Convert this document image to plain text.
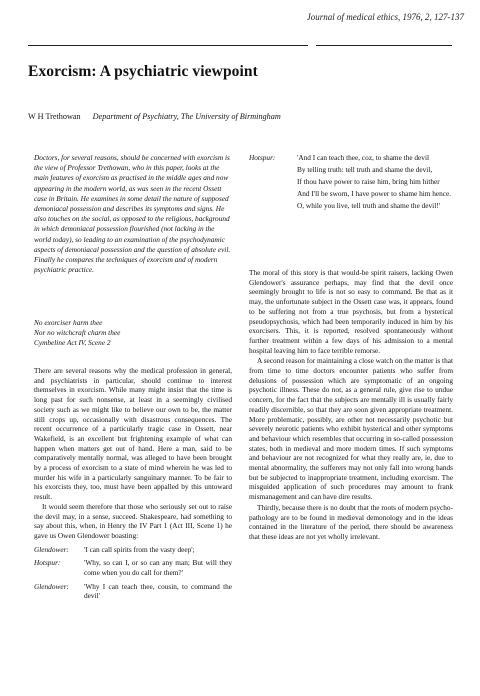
Journal of medical ethics, 1976, 2, 127-137
Exorcism: A psychiatric viewpoint
W H Trethowan Department of Psychiatry, The University of Birmingham
Doctors, for several reasons, should be concerned with exorcism is the view of Professor Trethowan, who in this paper, looks at the main features of exorcism as practised in the middle ages and now appearing in the modern world, as was seen in the recent Ossett case in Britain. He examines in some detail the nature of supposed demoniacal possession and describes its symptoms and signs. He also touches on the social, as opposed to the religious, background in which demoniacal possession flourished (not lacking in the world today), so leading to an examination of the psychodynamic aspects of demoniacal possession and the question of absolute evil. Finally he compares the techniques of exorcism and of modern psychiatric practice.
No exorciser harm thee
Nor no witchcraft charm thee
Cymbeline Act IV, Scene 2

There are several reasons why the medical profession in general, and psychiatrists in particular, should continue to interest themselves in exorcism. While many might insist that the time is long past for such nonsense, at least in a seemingly civilised society such as we might like to believe our own to be, the matter still crops up, occasionally with disastrous consequences. The recent occurrence of a particularly tragic case in Ossett, near Wakefield, is an excellent but frightening example of what can happen when matters get out of hand. Here a man, said to be comparatively mentally normal, was alleged to have been brought by a process of exorcism to a state of mind wherein he was led to murder his wife in a particularly sanguinary manner. To be fair to his exorcists they, too, must have been appalled by this untoward result.

It would seem therefore that those who seriously set out to raise the devil may, in a sense, succeed. Shakespeare, had something to say about this, when, in Henry the IV Part 1 (Act III, Scene 1) he gave us Owen Glendower boasting:

Glendower:	'I can call spirits from the vasty deep';
Hotspur:	'Why, so can I, or so can any man; But will they come when you do call for them?'
Glendower:	'Why I can teach thee, cousin, to command the devil'
Hotspur:	'And I can teach thee, coz, to shame the devil
By telling truth: tell truth and shame the devil,
If thou have power to raise him, bring him hither
And I'll be sworn, I have power to shame him hence.
O, while you live, tell truth and shame the devil!'

The moral of this story is that would-be spirit raisers, lacking Owen Glendower's assurance perhaps, may find that the devil once seemingly brought to life is not so easy to command. Be that as it may, the unfortunate subject in the Ossett case was, it appears, found to be suffering not from a true psychosis, but from a hysterical pseudopsychosis, which had been temporarily induced in him by his exorcisers. This, it is reported, resolved spontaneously without further treatment within a few days of his admission to a mental hospital leaving him to face terrible remorse.

A second reason for maintaining a close watch on the matter is that from time to time doctors encounter patients who suffer from delusions of possession which are symptomatic of an ongoing psychotic illness. These do not, as a general rule, give rise to undue concern, for the fact that the subjects are mentally ill is usually fairly readily discernible, so that they are soon given appropriate treatment. More problematic, possibly, are other not necessarily psychotic but severely neurotic patients who exhibit hysterical and other symptoms and behaviour which resembles that occurring in so-called possession states, both in medieval and more modern times. If such symptoms and behaviour are not recognized for what they really are, ie, due to mental abnormality, the sufferers may not only fall into wrong hands but be subjected to inappropriate treatment, including exorcism. The misguided application of such procedures may amount to frank mismanagement and can have dire results.

Thirdly, because there is no doubt that the roots of modern psycho-pathology are to be found in medieval demonology and in the ideas contained in the literature of the period, there should be awareness that these ideas are not yet wholly irrelevant.
